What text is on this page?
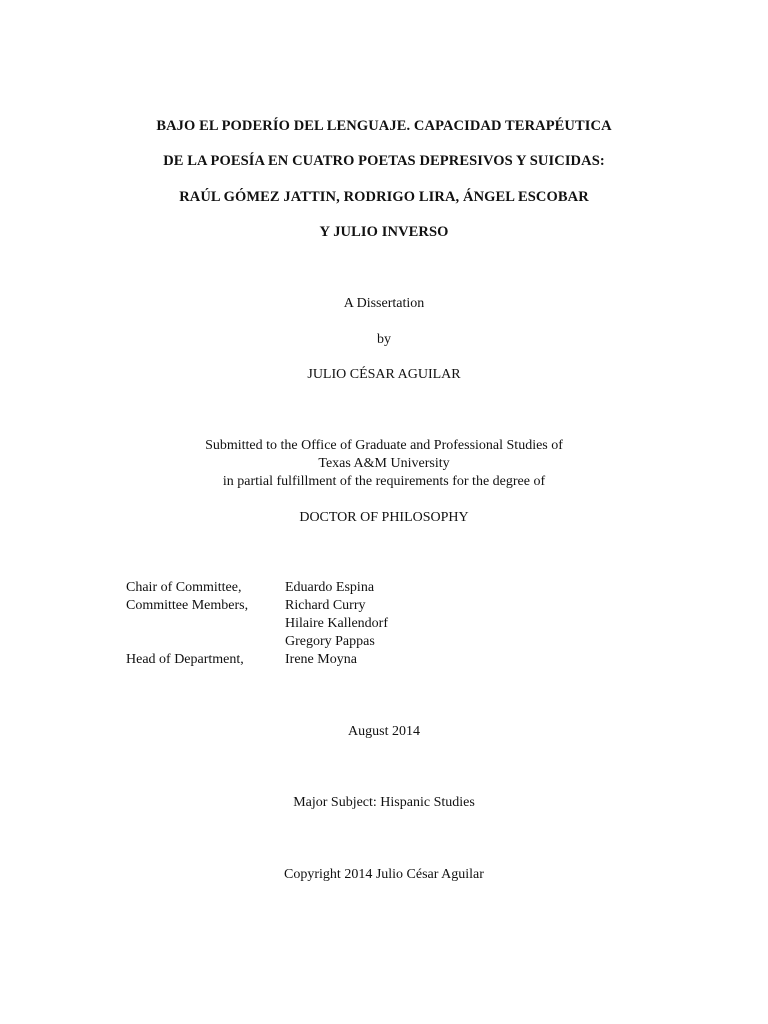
BAJO EL PODERÍO DEL LENGUAJE. CAPACIDAD TERAPÉUTICA
DE LA POESÍA EN CUATRO POETAS DEPRESIVOS Y SUICIDAS:
RAÚL GÓMEZ JATTIN, RODRIGO LIRA, ÁNGEL ESCOBAR
Y JULIO INVERSO
A Dissertation
by
JULIO CÉSAR AGUILAR
Submitted to the Office of Graduate and Professional Studies of
Texas A&M University
in partial fulfillment of the requirements for the degree of
DOCTOR OF PHILOSOPHY
Chair of Committee,	Eduardo Espina
Committee Members,	Richard Curry
Hilaire Kallendorf
Gregory Pappas
Head of Department,	Irene Moyna
August 2014
Major Subject: Hispanic Studies
Copyright 2014 Julio César Aguilar
